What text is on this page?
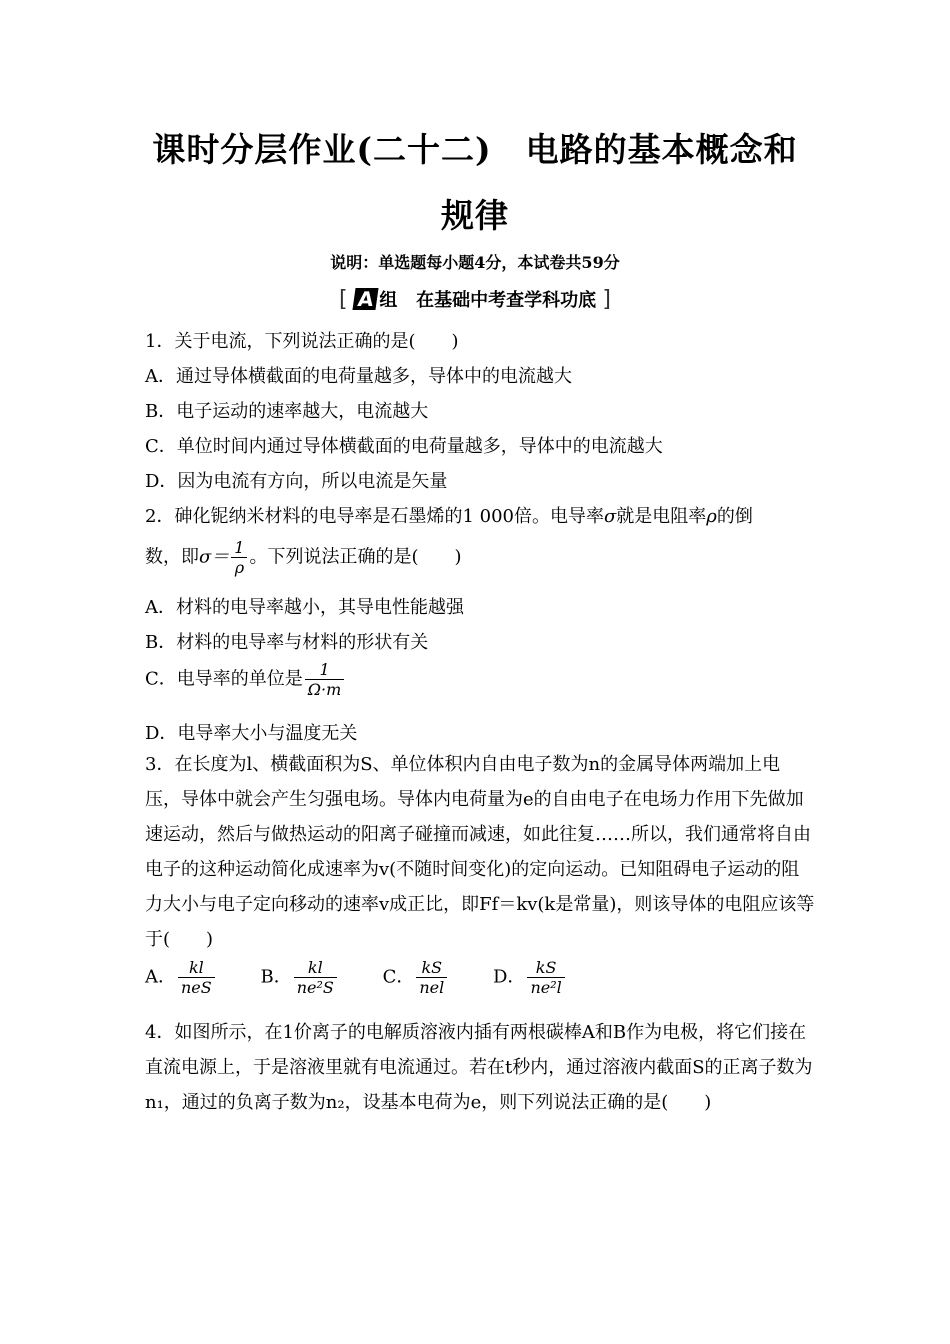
课时分层作业(二十二)　电路的基本概念和
规律
说明：单选题每小题4分，本试卷共59分
[ A 组 在基础中考查学科功底 ]
1．关于电流，下列说法正确的是(　　)
A．通过导体横截面的电荷量越多，导体中的电流越大
B．电子运动的速率越大，电流越大
C．单位时间内通过导体横截面的电荷量越多，导体中的电流越大
D．因为电流有方向，所以电流是矢量
2．砷化铌纳米材料的电导率是石墨烯的1 000倍。电导率σ就是电阻率ρ的倒
数，即$\sigma= \frac{1}{\rho}$ 。下列说法正确的是(　　)
A．材料的电导率越小，其导电性能越强
B．材料的电导率与材料的形状有关
C．电导率的单位是 $\frac{1}{\Omega\cdot m}$
D．电导率大小与温度无关
3．在长度为l、横截面积为S、单位体积内自由电子数为n的金属导体两端加上电压，导体中就会产生匀强电场。导体内电荷量为e的自由电子在电场力作用下先做加速运动，然后与做热运动的阳离子碰撞而减速，如此往复……所以，我们通常将自由电子的这种运动简化成速率为v(不随时间变化)的定向运动。已知阻碍电子运动的阻力大小与电子定向移动的速率v成正比，即Ff＝kv(k是常量)，则该导体的电阻应该等于(　　)
A． $\frac{kl}{\text{neS}}$	B． $\frac{kl}{\text{ne²S}}$	C． $\frac{kS}{\text{nel}}$	D． $\frac{kS}{\text{ne²l}}$
4．如图所示，在1价离子的电解质溶液内插有两根碳棒A和B作为电极，将它们接在直流电源上，于是溶液里就有电流通过。若在t秒内，通过溶液内截面S的正离子数为n₁，通过的负离子数为n₂，设基本电荷为e，则下列说法正确的是(　　)
